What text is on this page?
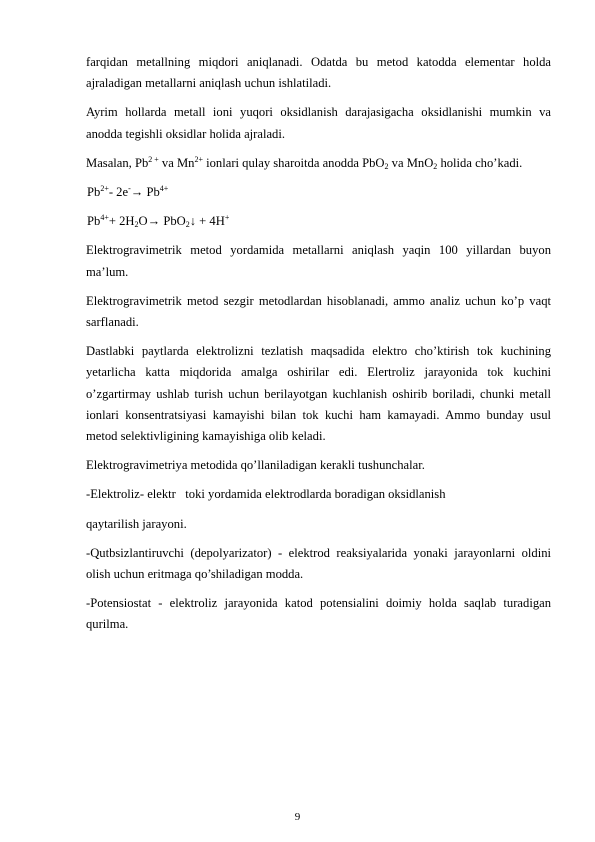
farqidan metallning miqdori aniqlanadi. Odatda bu metod katodda elementar holda ajraladigan metallarni aniqlash uchun ishlatiladi.

Ayrim hollarda metall ioni yuqori oksidlanish darajasigacha oksidlanishi mumkin va anodda tegishli oksidlar holida ajraladi.

Masalan, $Pb^{2 +}$ va $Mn^{2+}$ ionlari qulay sharoitda anodda PbO$_2$ va MnO$_2$ holida cho’kadi.

$Pb^{2+}-$ $2e^-\to Pb^{4+}$

$Pb^{4+}+ 2H_2O\to$ PbO$_2$↓ + 4H+

Elektrogravimetrik metod yordamida metallarni aniqlash yaqin 100 yillardan buyon ma’lum.

Elektrogravimetrik metod sezgir metodlardan hisoblanadi, ammo analiz uchun ko’p vaqt sarflanadi.

Dastlabki paytlarda elektrolizni tezlatish maqsadida elektro cho’ktirish tok kuchining yetarlicha katta miqdorida amalga oshirilar edi. Elertroliz jarayonida tok kuchini o’zgartirmay ushlab turish uchun berilayotgan kuchlanish oshirib boriladi, chunki metall ionlari konsentratsiyasi kamayishi bilan tok kuchi ham kamayadi. Ammo bunday usul metod selektivligining kamayishiga olib keladi.

Elektrogravimetriya metodida qo’llaniladigan kerakli tushunchalar.

-Elektroliz- elektr   toki yordamida elektrodlarda boradigan oksidlanish

qaytarilish jarayoni.

-Qutbsizlantiruvchi (depolyarizator) - elektrod reaksiyalarida yonaki jarayonlarni oldini olish uchun eritmaga qo’shiladigan modda.

-Potensiostat - elektroliz jarayonida katod potensialini doimiy holda saqlab turadigan qurilma.

9
